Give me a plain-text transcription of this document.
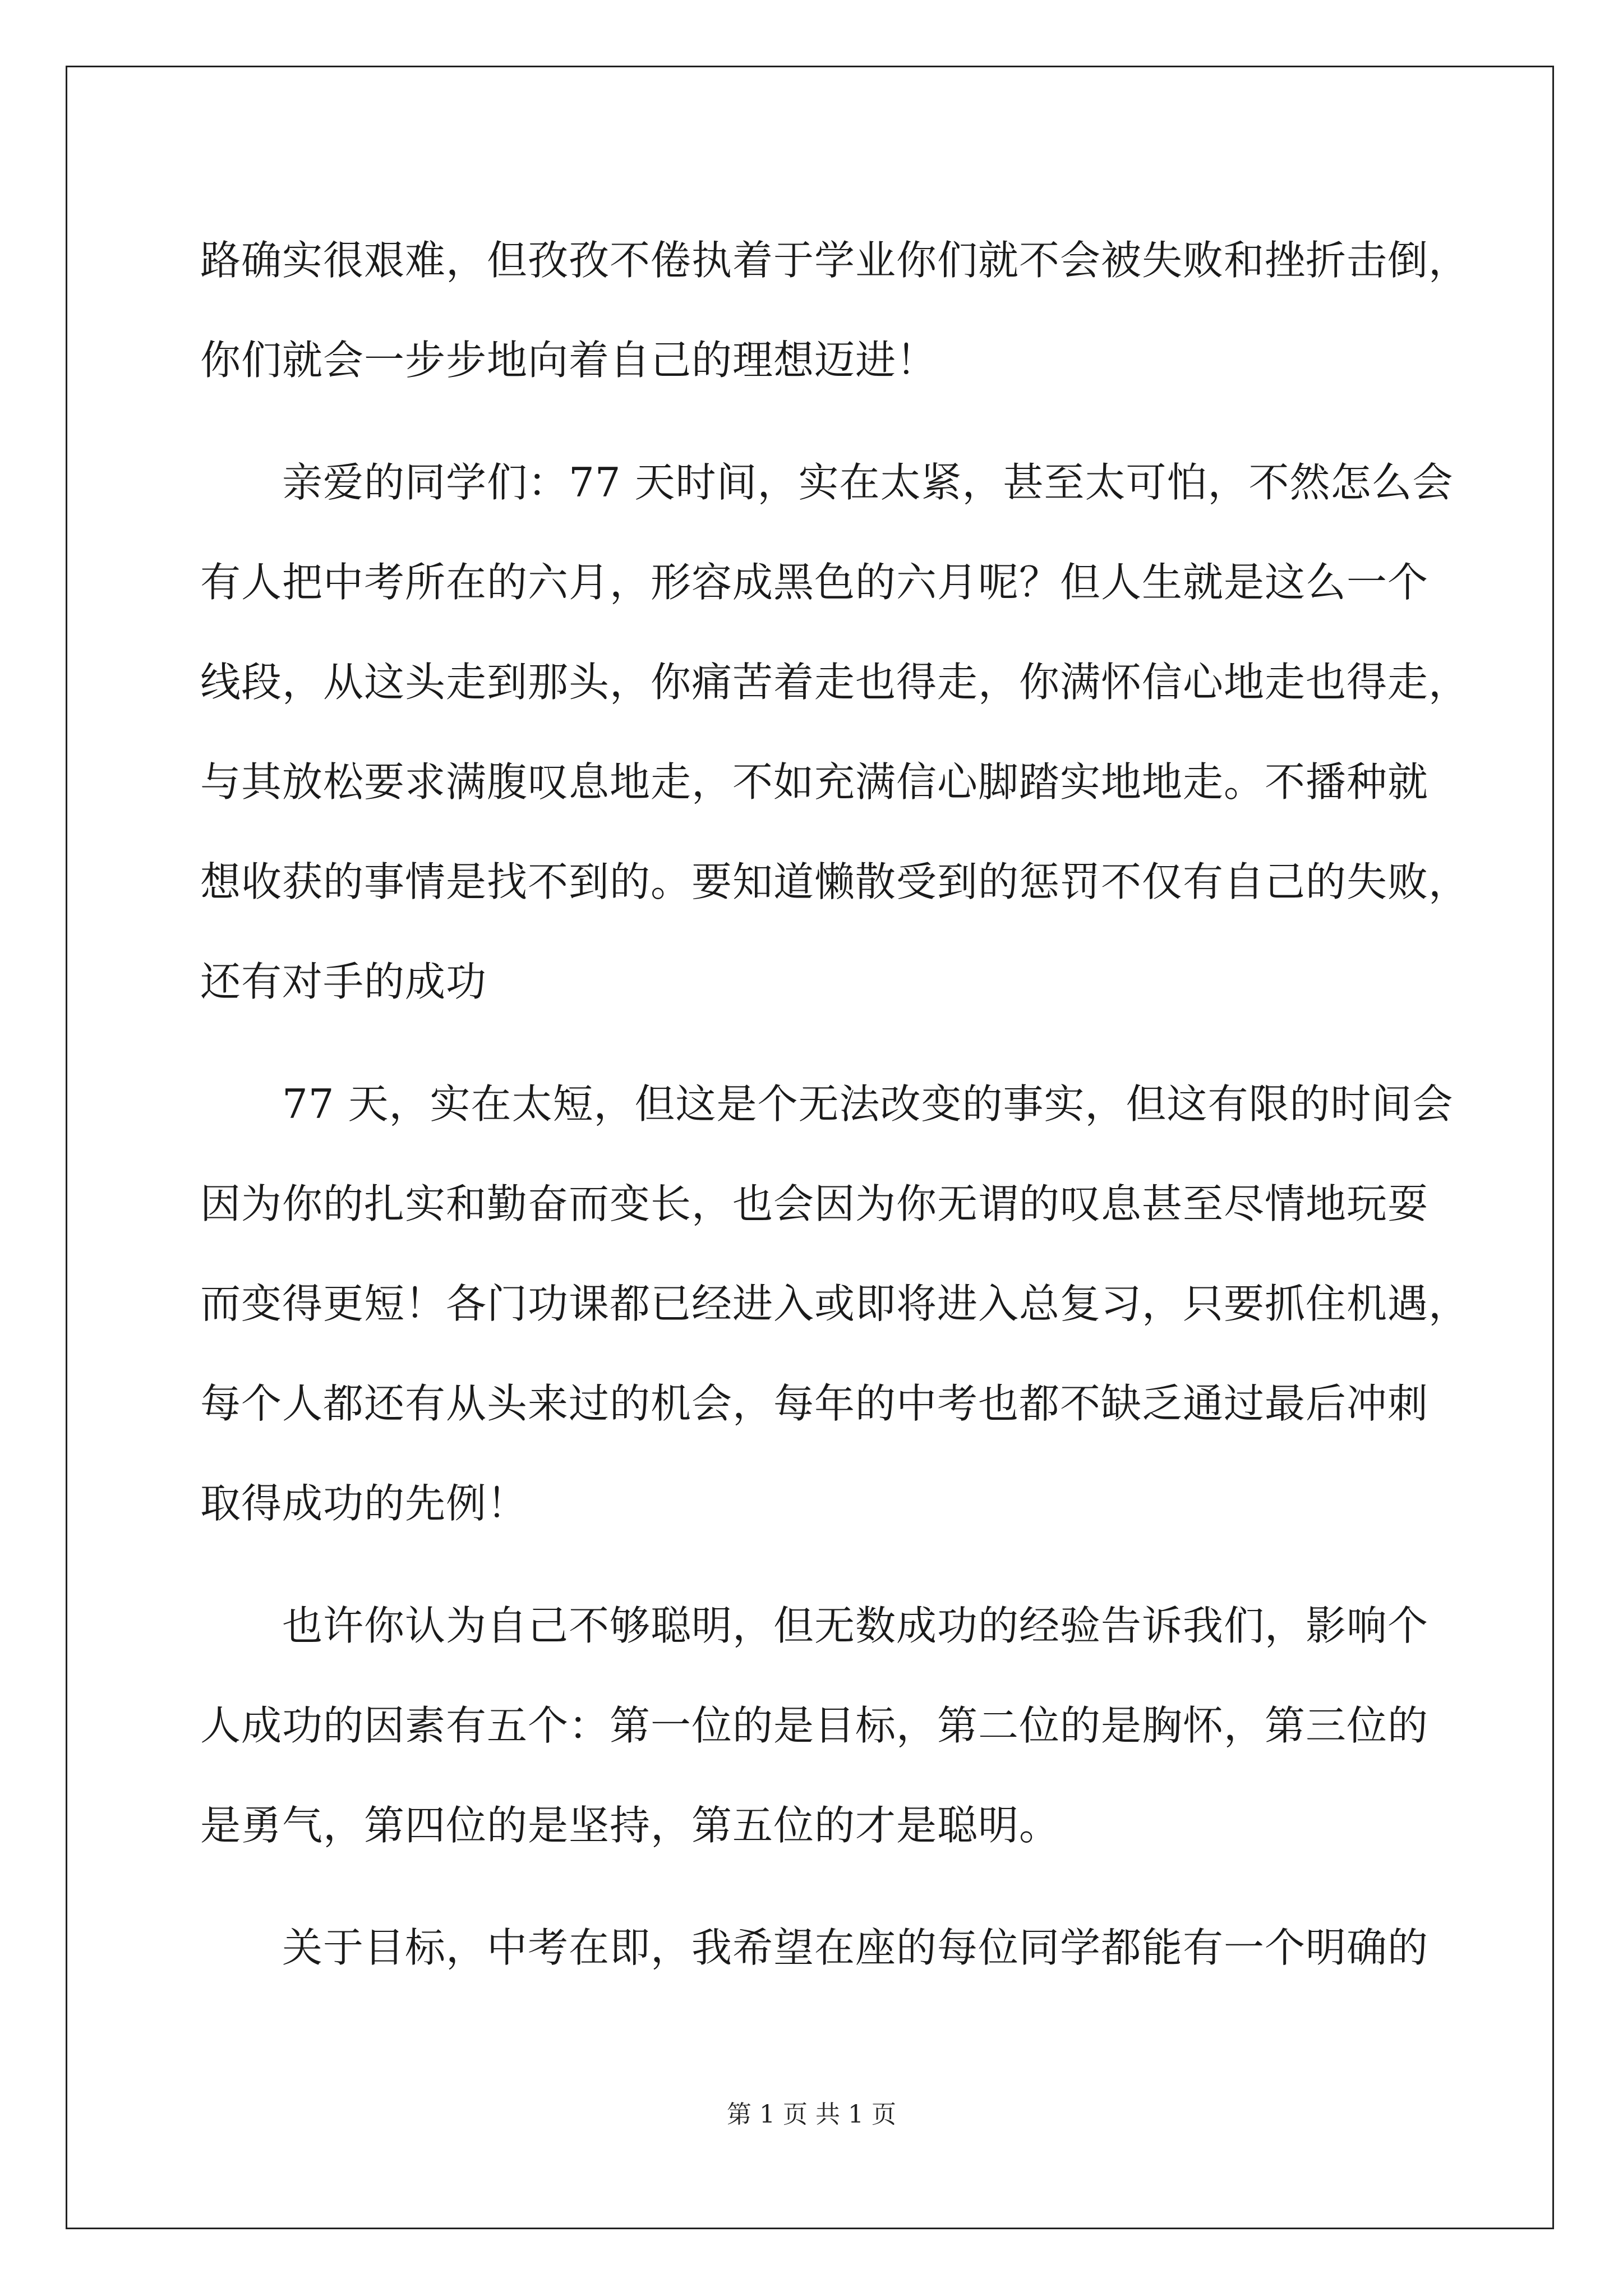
路确实很艰难，但孜孜不倦执着于学业你们就不会被失败和挫折击倒，
你们就会一步步地向着自己的理想迈进！
亲爱的同学们：77 天时间，实在太紧，甚至太可怕，不然怎么会
有人把中考所在的六月，形容成黑色的六月呢？但人生就是这么一个
线段，从这头走到那头，你痛苦着走也得走，你满怀信心地走也得走，
与其放松要求满腹叹息地走，不如充满信心脚踏实地地走。不播种就
想收获的事情是找不到的。要知道懒散受到的惩罚不仅有自己的失败，
还有对手的成功
77 天，实在太短，但这是个无法改变的事实，但这有限的时间会
因为你的扎实和勤奋而变长，也会因为你无谓的叹息甚至尽情地玩耍
而变得更短！各门功课都已经进入或即将进入总复习，只要抓住机遇，
每个人都还有从头来过的机会，每年的中考也都不缺乏通过最后冲刺
取得成功的先例！
也许你认为自己不够聪明，但无数成功的经验告诉我们，影响个
人成功的因素有五个：第一位的是目标，第二位的是胸怀，第三位的
是勇气，第四位的是坚持，第五位的才是聪明。
关于目标，中考在即，我希望在座的每位同学都能有一个明确的
第 1 页 共 1 页
